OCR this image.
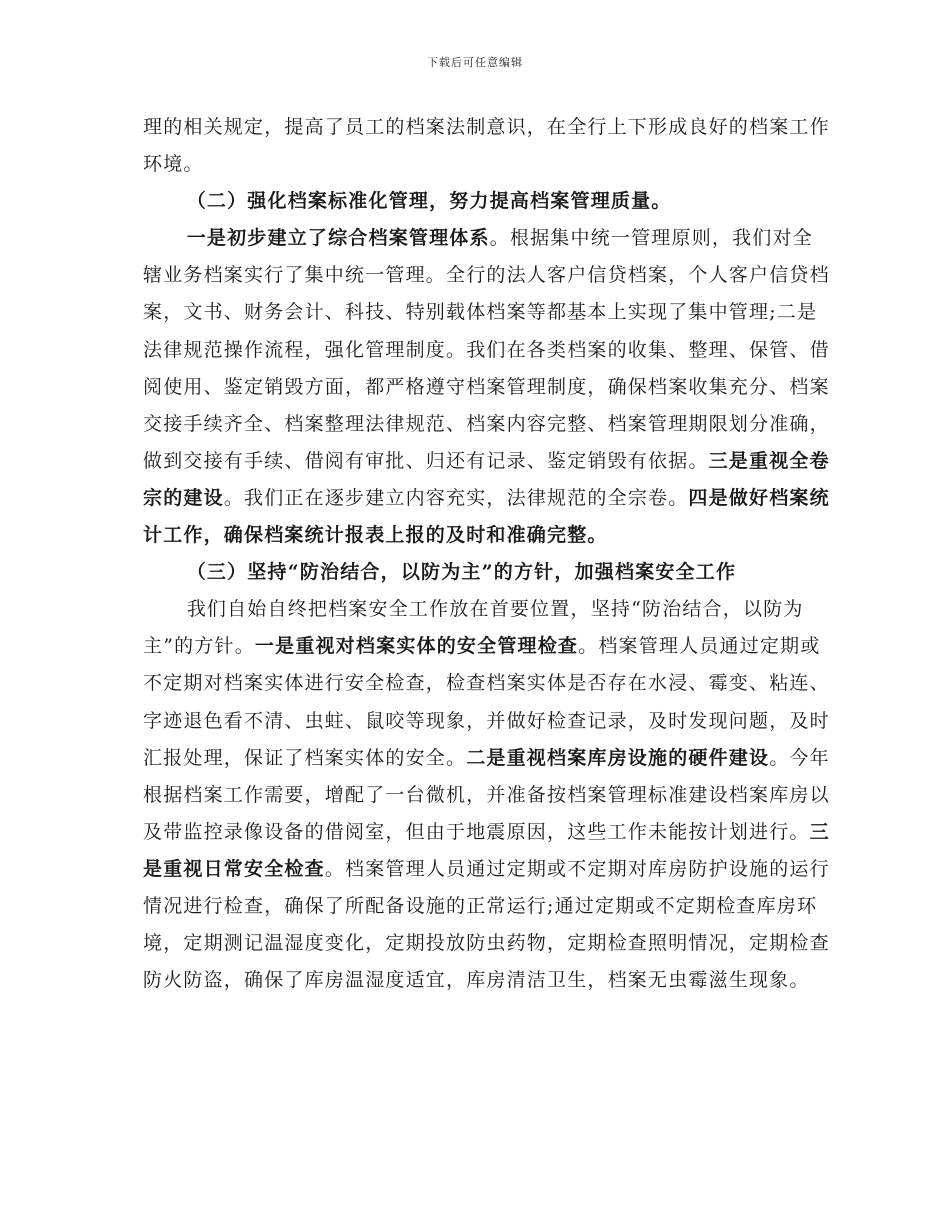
下载后可任意编辑

理的相关规定，提高了员工的档案法制意识，在全行上下形成良好的档案工作环境。

（二）强化档案标准化管理，努力提高档案管理质量。

一是初步建立了综合档案管理体系。根据集中统一管理原则，我们对全辖业务档案实行了集中统一管理。全行的法人客户信贷档案，个人客户信贷档案，文书、财务会计、科技、特别载体档案等都基本上实现了集中管理;二是法律规范操作流程，强化管理制度。我们在各类档案的收集、整理、保管、借阅使用、鉴定销毁方面，都严格遵守档案管理制度，确保档案收集充分、档案交接手续齐全、档案整理法律规范、档案内容完整、档案管理期限划分准确，做到交接有手续、借阅有审批、归还有记录、鉴定销毁有依据。三是重视全卷宗的建设。我们正在逐步建立内容充实，法律规范的全宗卷。四是做好档案统计工作，确保档案统计报表上报的及时和准确完整。

（三）坚持“防治结合，以防为主”的方针，加强档案安全工作

我们自始自终把档案安全工作放在首要位置，坚持“防治结合，以防为主”的方针。一是重视对档案实体的安全管理检查。档案管理人员通过定期或不定期对档案实体进行安全检查，检查档案实体是否存在水浸、霉变、粘连、字迹退色看不清、虫蛀、鼠咬等现象，并做好检查记录，及时发现问题，及时汇报处理，保证了档案实体的安全。二是重视档案库房设施的硬件建设。今年根据档案工作需要，增配了一台微机，并准备按档案管理标准建设档案库房以及带监控录像设备的借阅室，但由于地震原因，这些工作未能按计划进行。三是重视日常安全检查。档案管理人员通过定期或不定期对库房防护设施的运行情况进行检查，确保了所配备设施的正常运行;通过定期或不定期检查库房环境，定期测记温湿度变化，定期投放防虫药物，定期检查照明情况，定期检查防火防盗，确保了库房温湿度适宜，库房清洁卫生，档案无虫霉滋生现象。
